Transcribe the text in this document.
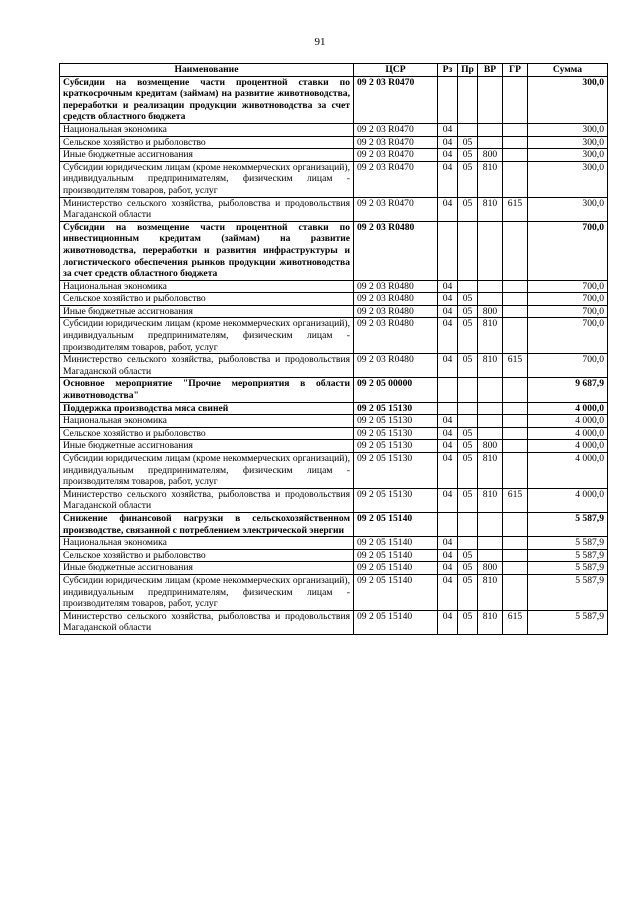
91
Наименование	ЦСР	Рз	Пр	ВР	ГР	Сумма
Субсидии на возмещение части процентной ставки по краткосрочным кредитам (займам) на развитие животноводства, переработки и реализации продукции животноводства за счет средств областного бюджета	09 2 03 R0470					300,0
Национальная экономика	09 2 03 R0470	04				300,0
Сельское хозяйство и рыболовство	09 2 03 R0470	04	05			300,0
Иные бюджетные ассигнования	09 2 03 R0470	04	05	800		300,0
Субсидии юридическим лицам (кроме некоммерческих организаций), индивидуальным предпринимателям, физическим лицам - производителям товаров, работ, услуг	09 2 03 R0470	04	05	810		300,0
Министерство сельского хозяйства, рыболовства и продовольствия Магаданской области	09 2 03 R0470	04	05	810	615	300,0
Субсидии на возмещение части процентной ставки по инвестиционным кредитам (займам) на развитие животноводства, переработки и развития инфраструктуры и логистического обеспечения рынков продукции животноводства за счет средств областного бюджета	09 2 03 R0480					700,0
Национальная экономика	09 2 03 R0480	04				700,0
Сельское хозяйство и рыболовство	09 2 03 R0480	04	05			700,0
Иные бюджетные ассигнования	09 2 03 R0480	04	05	800		700,0
Субсидии юридическим лицам (кроме некоммерческих организаций), индивидуальным предпринимателям, физическим лицам - производителям товаров, работ, услуг	09 2 03 R0480	04	05	810		700,0
Министерство сельского хозяйства, рыболовства и продовольствия Магаданской области	09 2 03 R0480	04	05	810	615	700,0
Основное мероприятие "Прочие мероприятия в области животноводства"	09 2 05 00000					9 687,9
Поддержка производства мяса свиней	09 2 05 15130					4 000,0
Национальная экономика	09 2 05 15130	04				4 000,0
Сельское хозяйство и рыболовство	09 2 05 15130	04	05			4 000,0
Иные бюджетные ассигнования	09 2 05 15130	04	05	800		4 000,0
Субсидии юридическим лицам (кроме некоммерческих организаций), индивидуальным предпринимателям, физическим лицам - производителям товаров, работ, услуг	09 2 05 15130	04	05	810		4 000,0
Министерство сельского хозяйства, рыболовства и продовольствия Магаданской области	09 2 05 15130	04	05	810	615	4 000,0
Снижение финансовой нагрузки в сельскохозяйственном производстве, связанной с потреблением электрической энергии	09 2 05 15140					5 587,9
Национальная экономика	09 2 05 15140	04				5 587,9
Сельское хозяйство и рыболовство	09 2 05 15140	04	05			5 587,9
Иные бюджетные ассигнования	09 2 05 15140	04	05	800		5 587,9
Субсидии юридическим лицам (кроме некоммерческих организаций), индивидуальным предпринимателям, физическим лицам - производителям товаров, работ, услуг	09 2 05 15140	04	05	810		5 587,9
Министерство сельского хозяйства, рыболовства и продовольствия Магаданской области	09 2 05 15140	04	05	810	615	5 587,9
